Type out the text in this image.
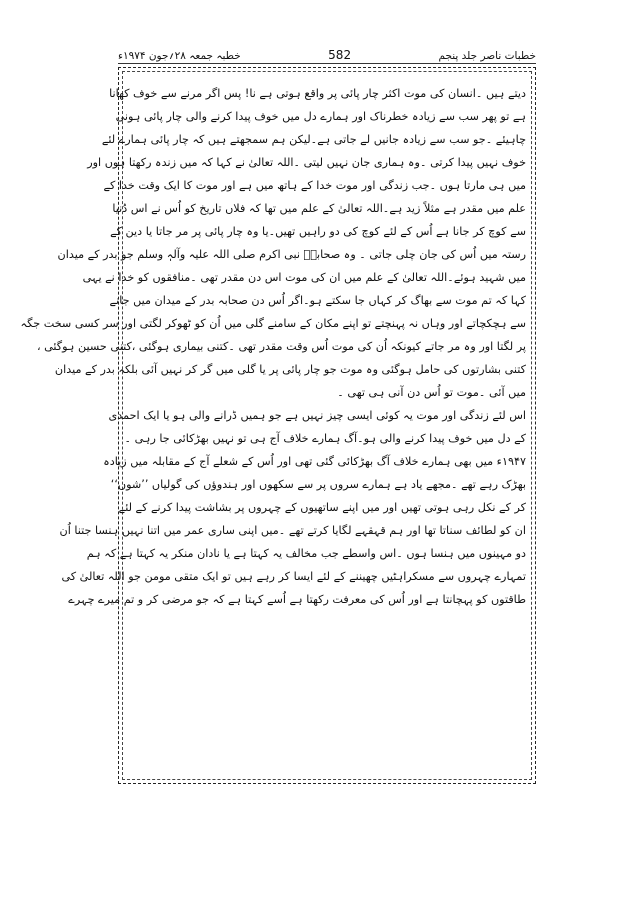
خطبات ناصر جلد پنجم
582
خطبہ جمعہ ۲۸؍جون ۱۹۷۴ء
دیتے ہیں ۔انسان کی موت اکثر چار پائی پر واقع ہوتی ہے نا! پس اگر مرنے سے خوف کھانا
ہے تو پھر سب سے زیادہ خطرناک اور ہمارے دل میں خوف پیدا کرنے والی چار پائی ہونی
چاہیئے ۔جو سب سے زیادہ جانیں لے جاتی ہے۔لیکن ہم سمجھتے ہیں کہ چار پائی ہمارے لئے
خوف نہیں پیدا کرتی ۔وہ ہماری جان نہیں لیتی ۔اللہ تعالیٰ نے کہا کہ میں زندہ رکھتا ہوں اور
میں ہی مارتا ہوں ۔جب زندگی اور موت خدا کے ہاتھ میں ہے اور موت کا ایک وقت خدا کے
علم میں مقدر ہے مثلاً زید ہے۔اللہ تعالیٰ کے علم میں تھا کہ فلاں تاریخ کو اُس نے اس دُنیا
سے کوچ کر جانا ہے اُس کے لئے کوچ کی دو راہیں تھیں۔یا وہ چار پائی پر مر جاتا یا دین کے
رستہ میں اُس کی جان چلی جاتی ۔ وہ صحابہؓ نبی اکرم صلی اللہ علیہ وآلہٖ وسلم جو بدر کے میدان
میں شہید ہوئے۔اللہ تعالیٰ کے علم میں ان کی موت اس دن مقدر تھی ۔منافقوں کو خدا نے یہی
کہا کہ تم موت سے بھاگ کر کہاں جا سکتے ہو۔اگر اُس دن صحابہ بدر کے میدان میں جانے
سے ہچکچاتے اور وہاں نہ پہنچتے تو اپنے مکان کے سامنے گلی میں اُن کو ٹھوکر لگتی اور سر کسی سخت جگہ
پر لگتا اور وہ مر جاتے کیونکہ اُن کی موت اُس وقت مقدر تھی ۔کتنی بیماری ہوگئی ،کتنی حسین ہوگئی ،
کتنی بشارتوں کی حامل ہوگئی وہ موت جو چار پائی پر یا گلی میں گر کر نہیں آئی بلکہ بدر کے میدان
میں آئی ۔موت تو اُس دن آنی ہی تھی ۔
اس لئے زندگی اور موت یہ کوئی ایسی چیز نہیں ہے جو ہمیں ڈرانے والی ہو یا ایک احمدی
کے دل میں خوف پیدا کرنے والی ہو۔آگ ہمارے خلاف آج ہی تو نہیں بھڑکائی جا رہی ۔
۱۹۴۷ء میں بھی ہمارے خلاف آگ بھڑکائی گئی تھی اور اُس کے شعلے آج کے مقابلہ میں زیادہ
بھڑک رہے تھے ۔مجھے یاد ہے ہمارے سروں پر سے سکھوں اور ہندوؤں کی گولیاں ’’شوں‘‘
کر کے نکل رہی ہوتی تھیں اور میں اپنے ساتھیوں کے چہروں پر بشاشت پیدا کرنے کے لئے
ان کو لطائف سناتا تھا اور ہم قہقہے لگایا کرتے تھے ۔میں اپنی ساری عمر میں اتنا نہیں ہنسا جتنا اُن
دو مہینوں میں ہنسا ہوں ۔اس واسطے جب مخالف یہ کہتا ہے یا نادان منکر یہ کہتا ہے کہ ہم
تمہارے چہروں سے مسکراہٹیں چھیننے کے لئے ایسا کر رہے ہیں تو ایک متقی مومن جو اللہ تعالیٰ کی
طاقتوں کو پہچانتا ہے اور اُس کی معرفت رکھتا ہے اُسے کہتا ہے کہ جو مرضی کر و تم میرے چہرے
